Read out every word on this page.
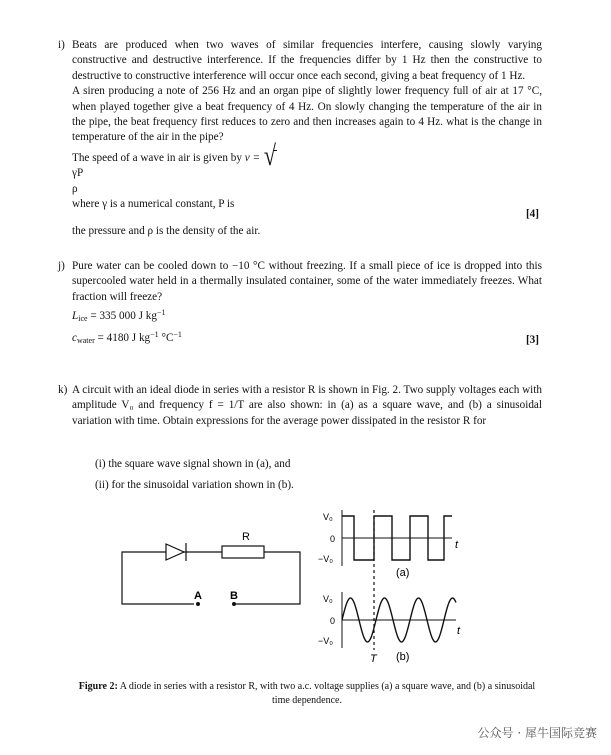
i) Beats are produced when two waves of similar frequencies interfere, causing slowly varying constructive and destructive interference. If the frequencies differ by 1 Hz then the constructive to destructive to constructive interference will occur once each second, giving a beat frequency of 1 Hz.

A siren producing a note of 256 Hz and an organ pipe of slightly lower frequency full of air at 17 °C, when played together give a beat frequency of 4 Hz. On slowly changing the temperature of the air in the pipe, the beat frequency first reduces to zero and then increases again to 4 Hz. what is the change in temperature of the air in the pipe?

The speed of a wave in air is given by v = √

γP
ρ
where γ is a numerical constant, P is

the pressure and ρ is the density of the air.

[4]
j) Pure water can be cooled down to −10 °C without freezing. If a small piece of ice is dropped into this supercooled water held in a thermally insulated container, some of the water immediately freezes. What fraction will freeze?

$L_{ice} = 335$ 000 J $kg^{-1}$

$c_{water} = 4180$ J $kg^{-1}$ $^\circ C^{-1}$	[3]
k) A circuit with an ideal diode in series with a resistor R is shown in Fig. 2. Two supply voltages each with amplitude V₀ and frequency f = 1/T are also shown: in (a) as a square wave, and (b) a sinusoidal variation with time. Obtain expressions for the average power dissipated in the resistor R for

(i) the square wave signal shown in (a), and
(ii) for the sinusoidal variation shown in (b).
R
A	B
V₀
0
−V₀
t
(a)
V₀
0
−V₀
t
T (b)
Figure 2: A diode in series with a resistor R, with two a.c. voltage supplies (a) a square wave, and (b) a sinusoidal time dependence.
公众号 · 犀牛国际竞赛
